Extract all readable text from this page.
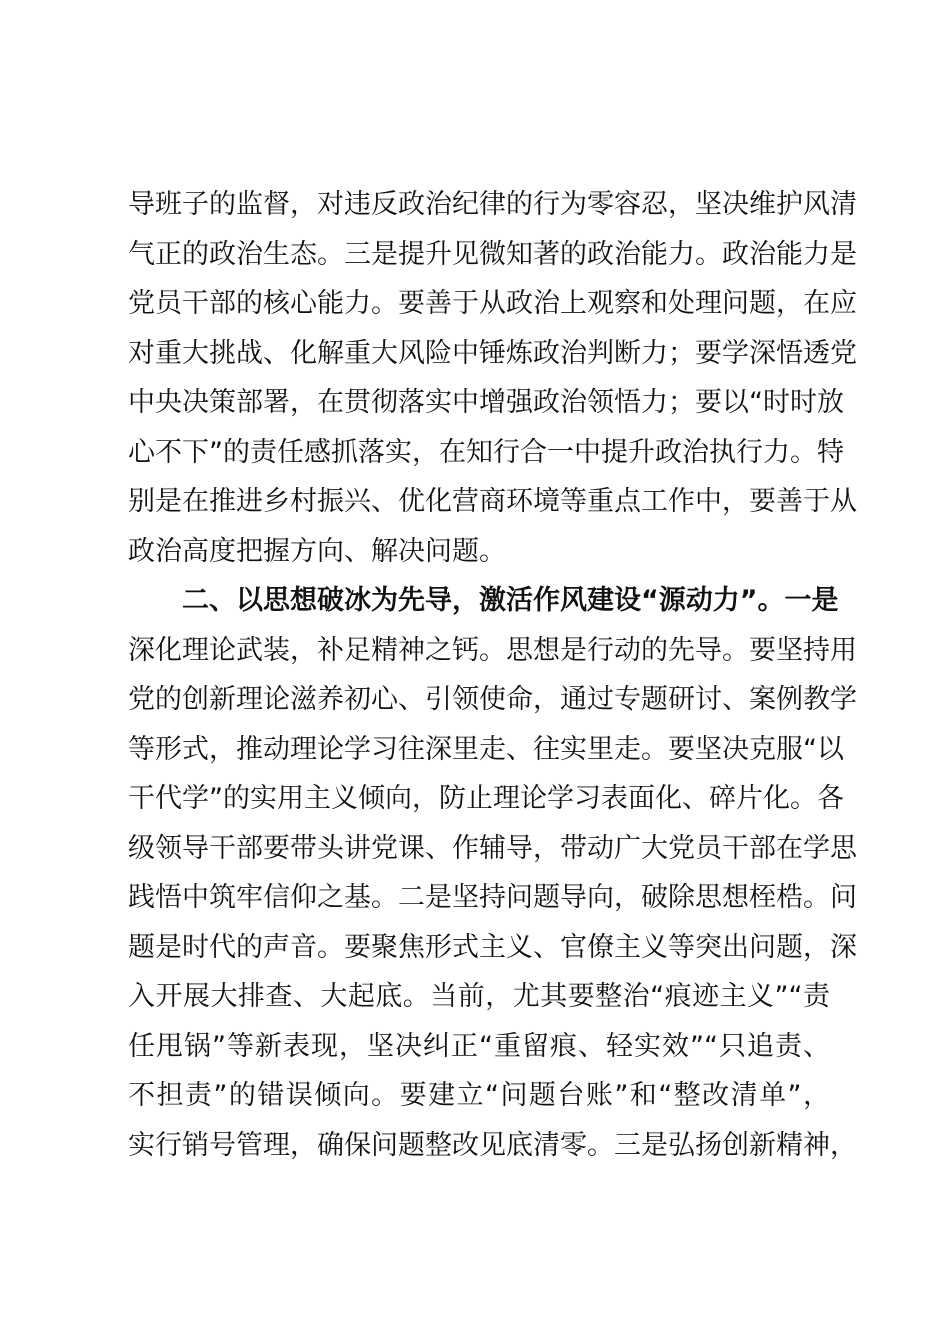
导班子的监督，对违反政治纪律的行为零容忍，坚决维护风清
气正的政治生态。三是提升见微知著的政治能力。政治能力是
党员干部的核心能力。要善于从政治上观察和处理问题，在应
对重大挑战、化解重大风险中锤炼政治判断力；要学深悟透党
中央决策部署，在贯彻落实中增强政治领悟力；要以“时时放
心不下”的责任感抓落实，在知行合一中提升政治执行力。特
别是在推进乡村振兴、优化营商环境等重点工作中，要善于从
政治高度把握方向、解决问题。
二、以思想破冰为先导，激活作风建设“源动力”。一是
深化理论武装，补足精神之钙。思想是行动的先导。要坚持用
党的创新理论滋养初心、引领使命，通过专题研讨、案例教学
等形式，推动理论学习往深里走、往实里走。要坚决克服“以
干代学”的实用主义倾向，防止理论学习表面化、碎片化。各
级领导干部要带头讲党课、作辅导，带动广大党员干部在学思
践悟中筑牢信仰之基。二是坚持问题导向，破除思想桎梏。问
题是时代的声音。要聚焦形式主义、官僚主义等突出问题，深
入开展大排查、大起底。当前，尤其要整治“痕迹主义”“责
任甩锅”等新表现，坚决纠正“重留痕、轻实效”“只追责、
不担责”的错误倾向。要建立“问题台账”和“整改清单”，
实行销号管理，确保问题整改见底清零。三是弘扬创新精神，
